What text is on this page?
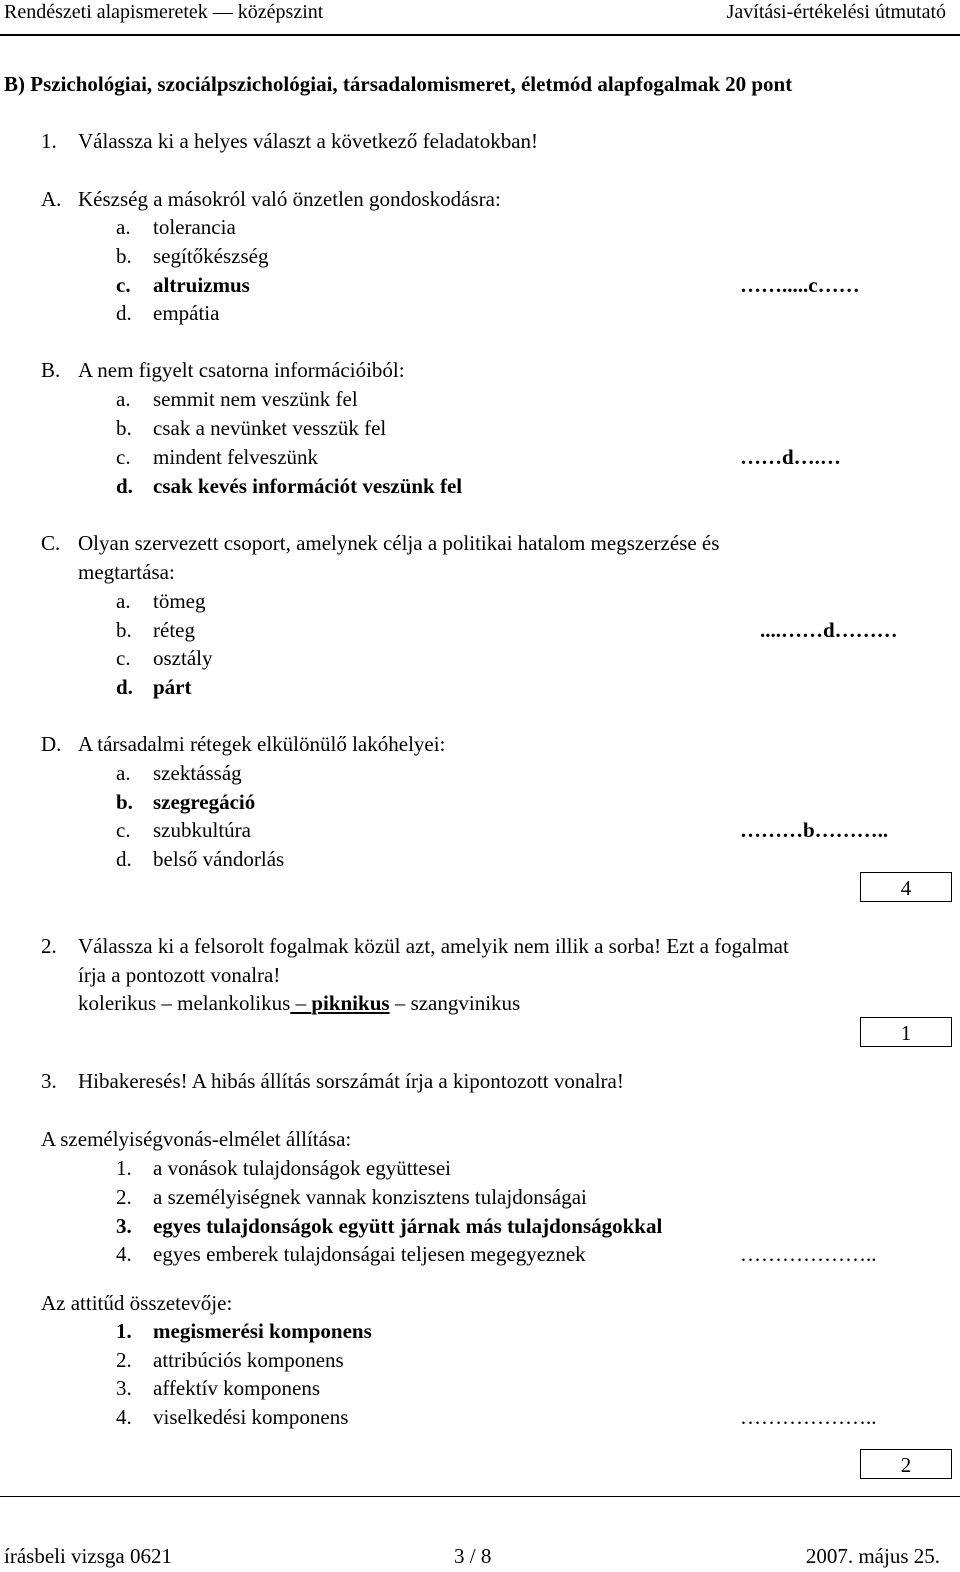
Rendészeti alapismeretek — középszint	Javítási-értékelési útmutató
B) Pszichológiai, szociálpszichológiai, társadalomismeret, életmód alapfogalmak 20 pont
1. Válassza ki a helyes választ a következő feladatokban!
A. Készség a másokról való önzetlen gondoskodásra:
a. tolerancia
b. segítőkészség
c. altruizmus	…….....c……
d. empátia
B. A nem figyelt csatorna információiból:
a. semmit nem veszünk fel
b. csak a nevünket vesszük fel
c. mindent felveszünk	……d….…
d. csak kevés információt veszünk fel
C. Olyan szervezett csoport, amelynek célja a politikai hatalom megszerzése és
megtartása:
a. tömeg
b. réteg	....……d………
c. osztály
d. párt
D. A társadalmi rétegek elkülönülő lakóhelyei:
a. szektásság
b. szegregáció
c. szubkultúra	………b………..
d. belső vándorlás
4
2. Válassza ki a felsorolt fogalmak közül azt, amelyik nem illik a sorba! Ezt a fogalmat
írja a pontozott vonalra!
kolerikus – melankolikus – piknikus – szangvinikus
1
3. Hibakeresés! A hibás állítás sorszámát írja a kipontozott vonalra!
A személyiségvonás-elmélet állítása:
1. a vonások tulajdonságok együttesei
2. a személyiségnek vannak konzisztens tulajdonságai
3. egyes tulajdonságok együtt járnak más tulajdonságokkal
4. egyes emberek tulajdonságai teljesen megegyeznek	………………..
Az attitűd összetevője:
1. megismerési komponens
2. attribúciós komponens
3. affektív komponens
4. viselkedési komponens	………………..
2
írásbeli vizsga 0621	3 / 8	2007. május 25.
